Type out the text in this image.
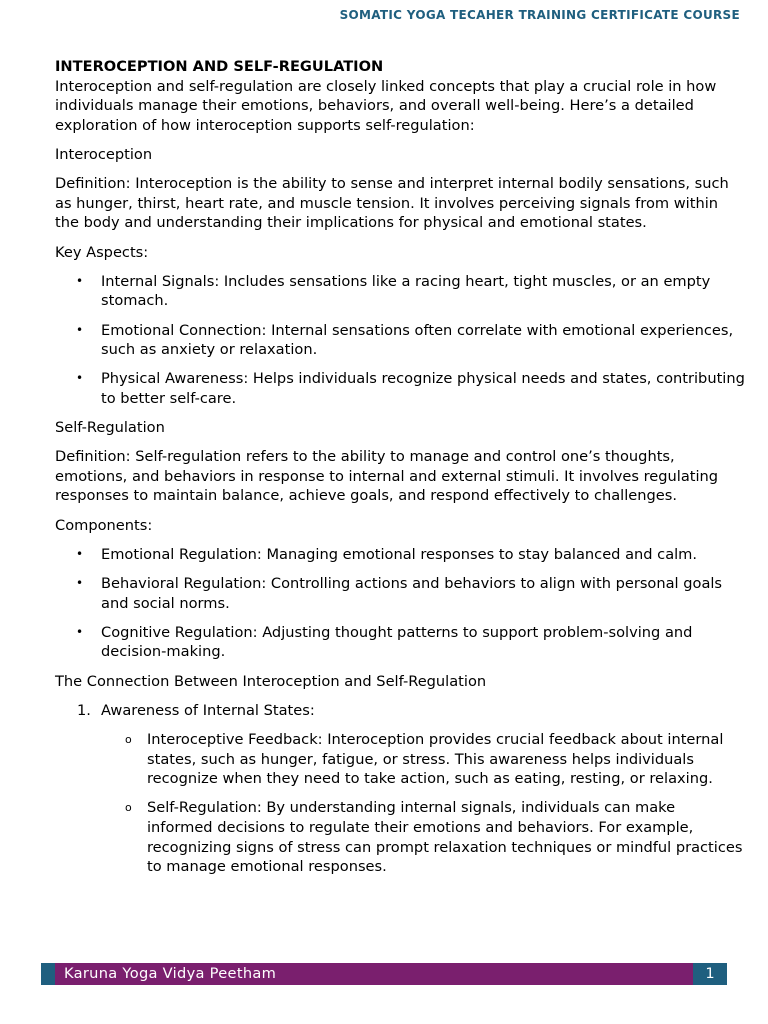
SOMATIC YOGA TECAHER TRAINING CERTIFICATE COURSE

INTEROCEPTION AND SELF-REGULATION

Interoception and self-regulation are closely linked concepts that play a crucial role in how individuals manage their emotions, behaviors, and overall well-being. Here’s a detailed exploration of how interoception supports self-regulation:

Interoception

Definition: Interoception is the ability to sense and interpret internal bodily sensations, such as hunger, thirst, heart rate, and muscle tension. It involves perceiving signals from within the body and understanding their implications for physical and emotional states.

Key Aspects:

• Internal Signals: Includes sensations like a racing heart, tight muscles, or an empty stomach.
• Emotional Connection: Internal sensations often correlate with emotional experiences, such as anxiety or relaxation.
• Physical Awareness: Helps individuals recognize physical needs and states, contributing to better self-care.

Self-Regulation

Definition: Self-regulation refers to the ability to manage and control one’s thoughts, emotions, and behaviors in response to internal and external stimuli. It involves regulating responses to maintain balance, achieve goals, and respond effectively to challenges.

Components:

• Emotional Regulation: Managing emotional responses to stay balanced and calm.
• Behavioral Regulation: Controlling actions and behaviors to align with personal goals and social norms.
• Cognitive Regulation: Adjusting thought patterns to support problem-solving and decision-making.

The Connection Between Interoception and Self-Regulation

1. Awareness of Internal States:
o Interoceptive Feedback: Interoception provides crucial feedback about internal states, such as hunger, fatigue, or stress. This awareness helps individuals recognize when they need to take action, such as eating, resting, or relaxing.
o Self-Regulation: By understanding internal signals, individuals can make informed decisions to regulate their emotions and behaviors. For example, recognizing signs of stress can prompt relaxation techniques or mindful practices to manage emotional responses.
Karuna Yoga Vidya Peetham	1
